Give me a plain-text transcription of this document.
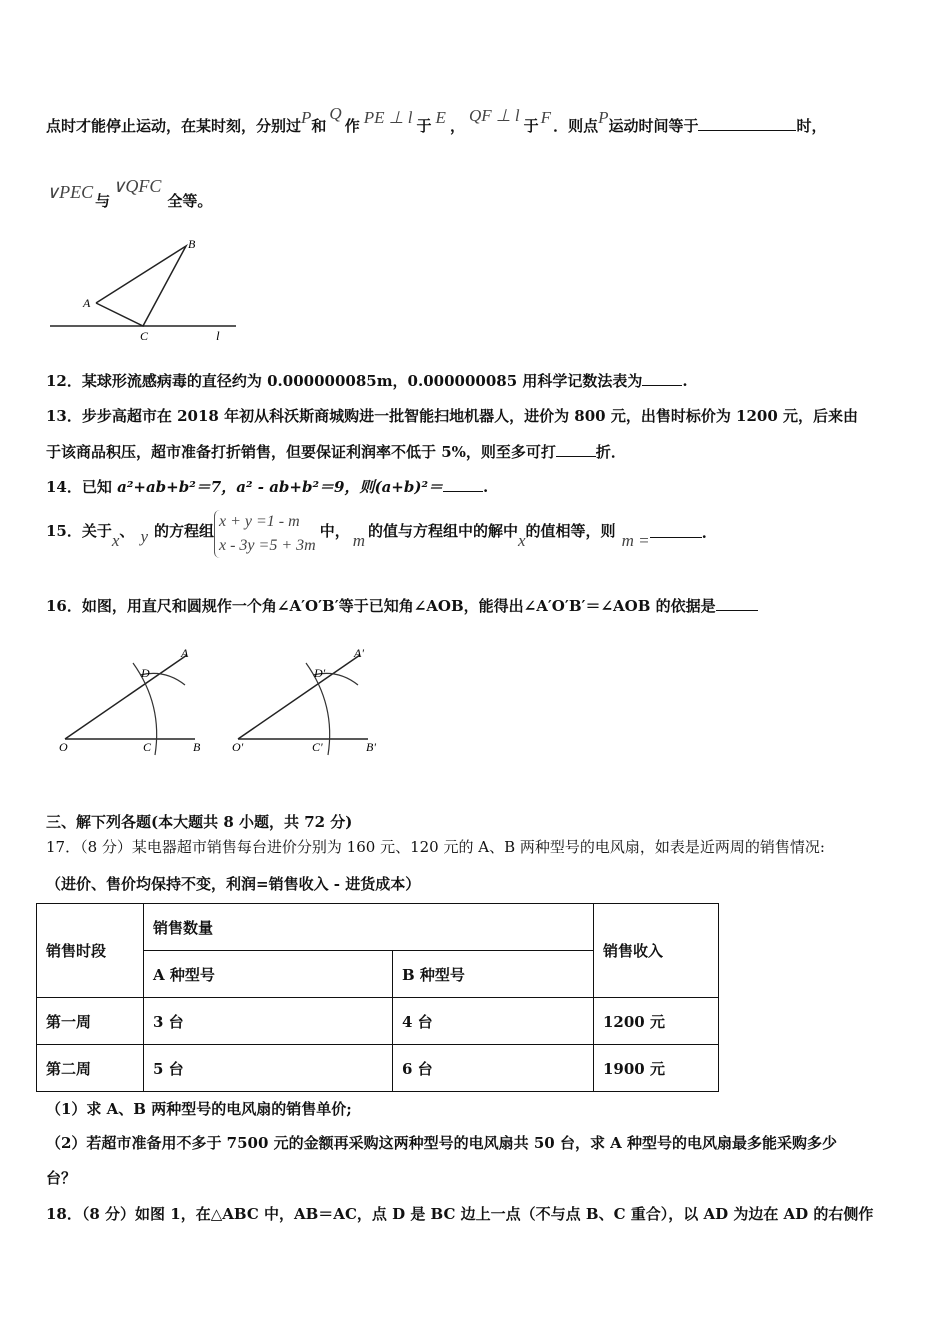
点时才能停止运动，在某时刻，分别过P和Q作 PE ⊥ l 于 E ，QF ⊥ l于 F ．则点P运动时间等于	时，
∨PEC 与∨QFC全等。
A
B
C	l
12．某球形流感病毒的直径约为 0.000000085m，0.000000085 用科学记数法表为	.
13．步步高超市在 2018 年初从科沃斯商城购进一批智能扫地机器人，进价为 800 元，出售时标价为 1200 元，后来由
于该商品积压，超市准备打折销售，但要保证利润率不低于 5%，则至多可打	折．
14．已知 a²+ab+b²＝7，a² - ab+b²＝9，则(a+b)²＝	.
15．关于x、 y 的方程组x + y =1 - m
x - 3y =5 + 3m中， m 的值与方程组中的解中x的值相等，则 m =	.
16．如图，用直尺和圆规作一个角∠A′O′B′等于已知角∠AOB，能得出∠A′O′B′＝∠AOB 的依据是
O	C	B
D
A
O'	C'	B'
D'
A'
三、解下列各题(本大题共 8 小题，共 72 分)
17．（8 分）某电器超市销售每台进价分别为 160 元、120 元的 A、B 两种型号的电风扇，如表是近两周的销售情况:
（进价、售价均保持不变，利润=销售收入 - 进货成本）
销售时段	销售数量		销售收入
	A 种型号	B 种型号	
第一周	3 台	4 台	1200 元
第二周	5 台	6 台	1900 元
（1）求 A、B 两种型号的电风扇的销售单价;
（2）若超市准备用不多于 7500 元的金额再采购这两种型号的电风扇共 50 台，求 A 种型号的电风扇最多能采购多少
台？
18．（8 分）如图 1，在△ABC 中，AB＝AC，点 D 是 BC 边上一点（不与点 B、C 重合），以 AD 为边在 AD 的右侧作
